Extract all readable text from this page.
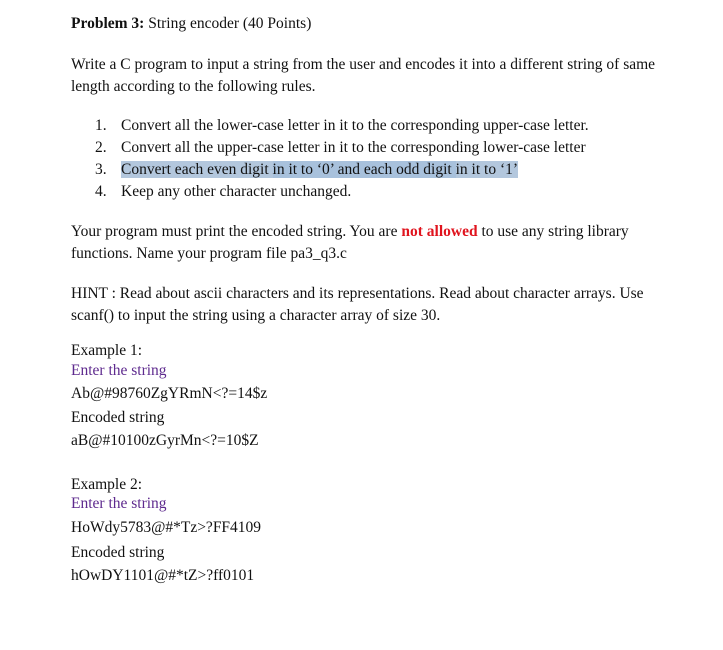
Problem 3: String encoder (40 Points)
Write a C program to input a string from the user and encodes it into a different string of same
length according to the following rules.
1. Convert all the lower-case letter in it to the corresponding upper-case letter.
2. Convert all the upper-case letter in it to the corresponding lower-case letter
3. Convert each even digit in it to ‘0’ and each odd digit in it to ‘1’
4. Keep any other character unchanged.
Your program must print the encoded string. You are not allowed to use any string library
functions. Name your program file pa3_q3.c
HINT : Read about ascii characters and its representations. Read about character arrays. Use
scanf() to input the string using a character array of size 30.
Example 1:
Enter the string
Ab@#98760ZgYRmN<?=14$z
Encoded string
aB@#10100zGyrMn<?=10$Z
Example 2:
Enter the string
HoWdy5783@#*Tz>?FF4109
Encoded string
hOwDY1101@#*tZ>?ff0101
